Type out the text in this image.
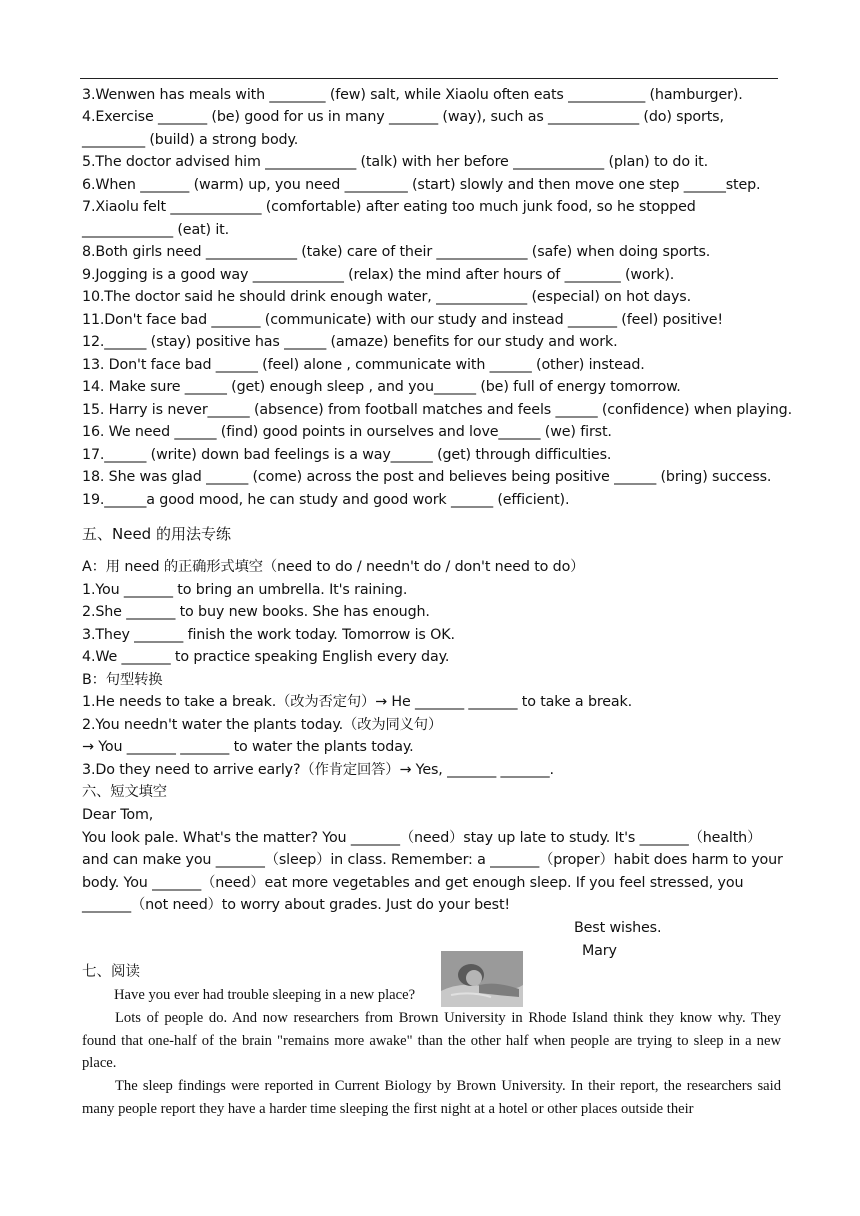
3.Wenwen has meals with ________ (few) salt, while Xiaolu often eats ___________ (hamburger).
4.Exercise _______ (be) good for us in many _______ (way), such as _____________ (do) sports,
_________ (build) a strong body.
5.The doctor advised him _____________ (talk) with her before _____________ (plan) to do it.
6.When _______ (warm) up, you need _________ (start) slowly and then move one step ______step.
7.Xiaolu felt _____________ (comfortable) after eating too much junk food, so he stopped
_____________ (eat) it.
8.Both girls need _____________ (take) care of their _____________ (safe) when doing sports.
9.Jogging is a good way _____________ (relax) the mind after hours of ________ (work).
10.The doctor said he should drink enough water, _____________ (especial) on hot days.
11.Don't face bad _______ (communicate) with our study and instead _______ (feel) positive!
12.______ (stay) positive has ______ (amaze) benefits for our study and work.
13. Don't face bad ______ (feel) alone , communicate with ______ (other) instead.
14. Make sure ______ (get) enough sleep , and you______ (be) full of energy tomorrow.
15. Harry is never______ (absence) from football matches and feels ______ (confidence) when playing.
16. We need ______ (find) good points in ourselves and love______ (we) first.
17.______ (write) down bad feelings is a way______ (get) through difficulties.
18. She was glad ______ (come) across the post and believes being positive ______ (bring) success.
19.______a good mood, he can study and good work ______ (efficient).
五、Need 的用法专练
A：用 need 的正确形式填空（need to do / needn't do / don't need to do）
1.You _______ to bring an umbrella. It's raining.
2.She _______ to buy new books. She has enough.
3.They _______ finish the work today. Tomorrow is OK.
4.We _______ to practice speaking English every day.
B：句型转换
1.He needs to take a break.（改为否定句）→ He _______ _______ to take a break.
2.You needn't water the plants today.（改为同义句）
→ You _______ _______ to water the plants today.
3.Do they need to arrive early?（作肯定回答）→ Yes, _______ _______.
六、短文填空
Dear Tom,
You look pale. What's the matter? You _______（need）stay up late to study. It's _______（health）
and can make you _______（sleep）in class. Remember: a _______（proper）habit does harm to your
body. You _______（need）eat more vegetables and get enough sleep. If you feel stressed, you
_______（not need）to worry about grades. Just do your best!
Best wishes.
Mary
七、阅读
Have you ever had trouble sleeping in a new place?
Lots of people do. And now researchers from Brown University in Rhode Island think they know why. They found that one-half of the brain "remains more awake" than the other half when people are trying to sleep in a new place.
The sleep findings were reported in Current Biology by Brown University. In their report, the researchers said many people report they have a harder time sleeping the first night at a hotel or other places outside their
